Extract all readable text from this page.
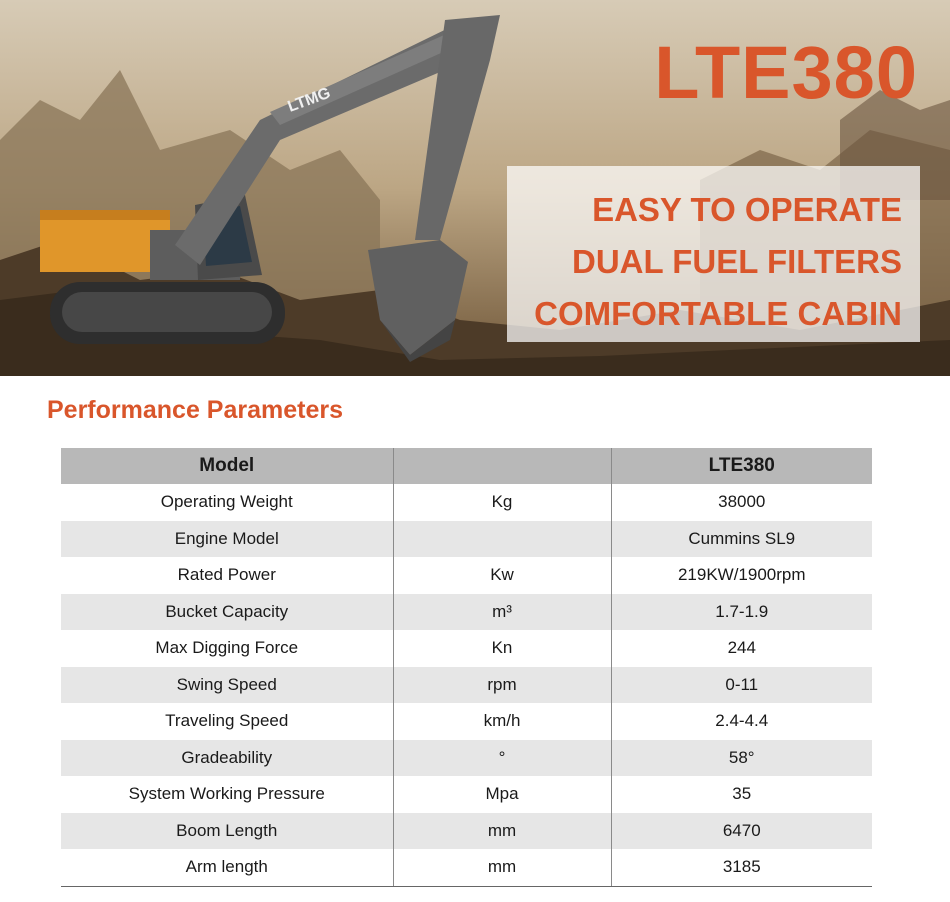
LTMG	LTE380
EASY TO OPERATE
DUAL FUEL FILTERS
COMFORTABLE CABIN
Performance Parameters
Model		LTE380
Operating Weight	Kg	38000
Engine Model		Cummins SL9
Rated Power	Kw	219KW/1900rpm
Bucket Capacity	m³	1.7-1.9
Max Digging Force	Kn	244
Swing Speed	rpm	0-11
Traveling Speed	km/h	2.4-4.4
Gradeability	°	58°
System Working Pressure	Mpa	35
Boom Length	mm	6470
Arm length	mm	3185
